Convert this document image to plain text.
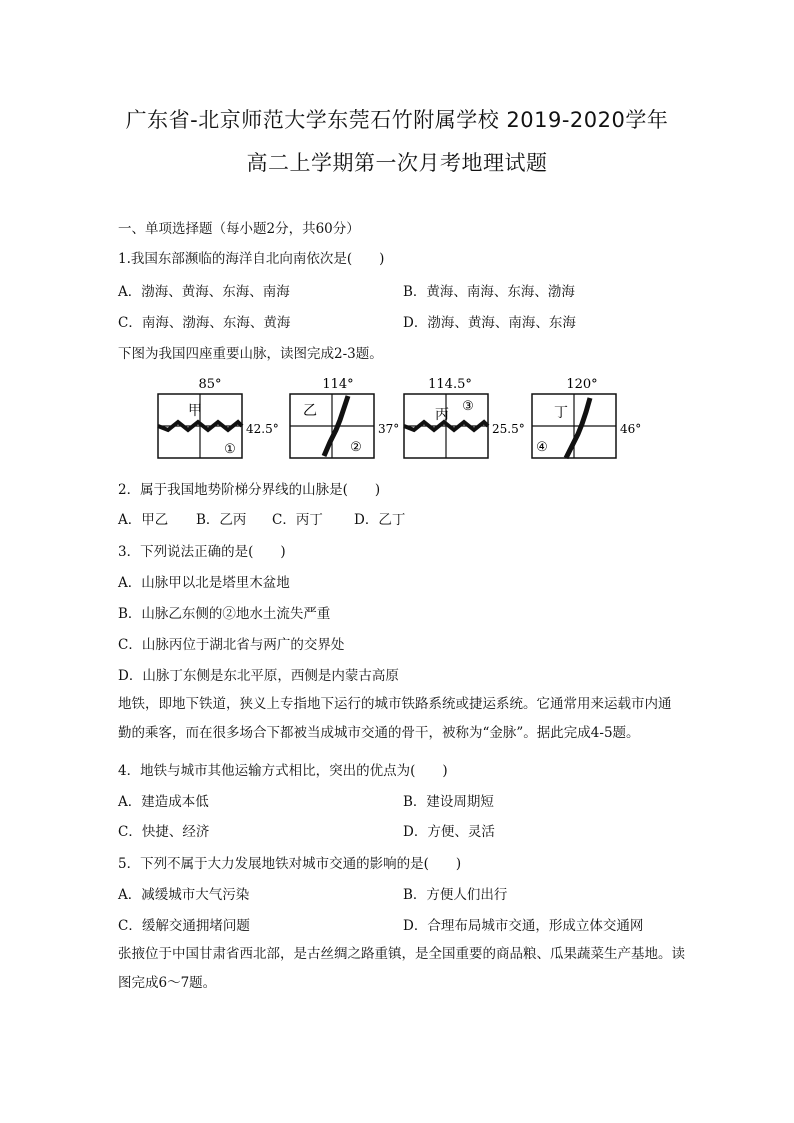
广东省-北京师范大学东莞石竹附属学校 2019-2020学年
高二上学期第一次月考地理试题
一、单项选择题（每小题2分，共60分）
1.我国东部濒临的海洋自北向南依次是(　　)
A．渤海、黄海、东海、南海	B．黄海、南海、东海、渤海
C．南海、渤海、东海、黄海	D．渤海、黄海、南海、东海
下图为我国四座重要山脉，读图完成2-3题。
85°
甲
①
42.5°
114°
乙
②
37°
114.5°
丙
③
25.5°
120°
丁
④
46°
2．属于我国地势阶梯分界线的山脉是(　　)
A．甲乙 B．乙丙 C．丙丁 D．乙丁
3．下列说法正确的是(　　)
A．山脉甲以北是塔里木盆地
B．山脉乙东侧的②地水土流失严重
C．山脉丙位于湖北省与两广的交界处
D．山脉丁东侧是东北平原，西侧是内蒙古高原
地铁，即地下铁道，狭义上专指地下运行的城市铁路系统或捷运系统。它通常用来运载市内通勤的乘客，而在很多场合下都被当成城市交通的骨干，被称为“金脉”。据此完成4-5题。
4．地铁与城市其他运输方式相比，突出的优点为(　　)
A．建造成本低	B．建设周期短
C．快捷、经济	D．方便、灵活
5．下列不属于大力发展地铁对城市交通的影响的是(　　)
A．减缓城市大气污染	B．方便人们出行
C．缓解交通拥堵问题	D．合理布局城市交通，形成立体交通网
张掖位于中国甘肃省西北部，是古丝绸之路重镇，是全国重要的商品粮、瓜果蔬菜生产基地。读图完成6～7题。
